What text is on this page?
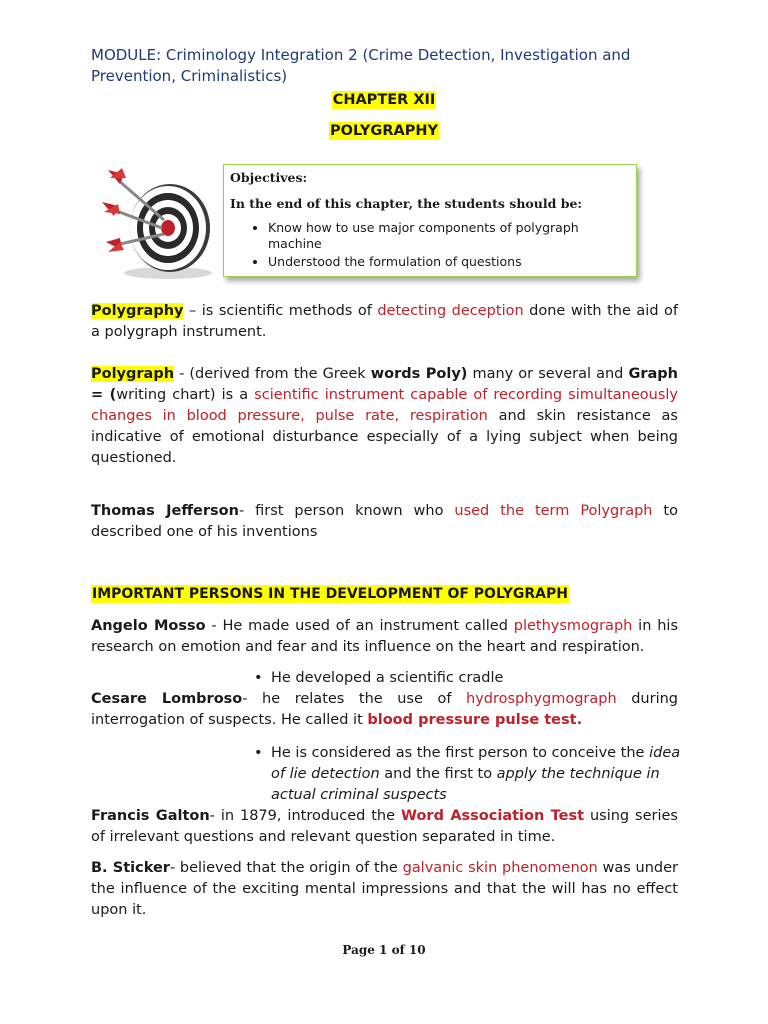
MODULE: Criminology Integration 2 (Crime Detection, Investigation and Prevention, Criminalistics)
CHAPTER XII
POLYGRAPHY
Objectives:
In the end of this chapter, the students should be:
• Know how to use major components of polygraph machine
• Understood the formulation of questions
Polygraphy – is scientific methods of detecting deception done with the aid of a polygraph instrument.
Polygraph - (derived from the Greek words Poly) many or several and Graph = (writing chart) is a scientific instrument capable of recording simultaneously changes in blood pressure, pulse rate, respiration and skin resistance as indicative of emotional disturbance especially of a lying subject when being questioned.
Thomas Jefferson- first person known who used the term Polygraph to described one of his inventions
IMPORTANT PERSONS IN THE DEVELOPMENT OF POLYGRAPH
Angelo Mosso - He made used of an instrument called plethysmograph in his research on emotion and fear and its influence on the heart and respiration.
• He developed a scientific cradle
Cesare Lombroso- he relates the use of hydrosphygmograph during interrogation of suspects. He called it blood pressure pulse test.
• He is considered as the first person to conceive the idea of lie detection and the first to apply the technique in actual criminal suspects
Francis Galton- in 1879, introduced the Word Association Test using series of irrelevant questions and relevant question separated in time.
B. Sticker- believed that the origin of the galvanic skin phenomenon was under the influence of the exciting mental impressions and that the will has no effect upon it.
Page 1 of 10
